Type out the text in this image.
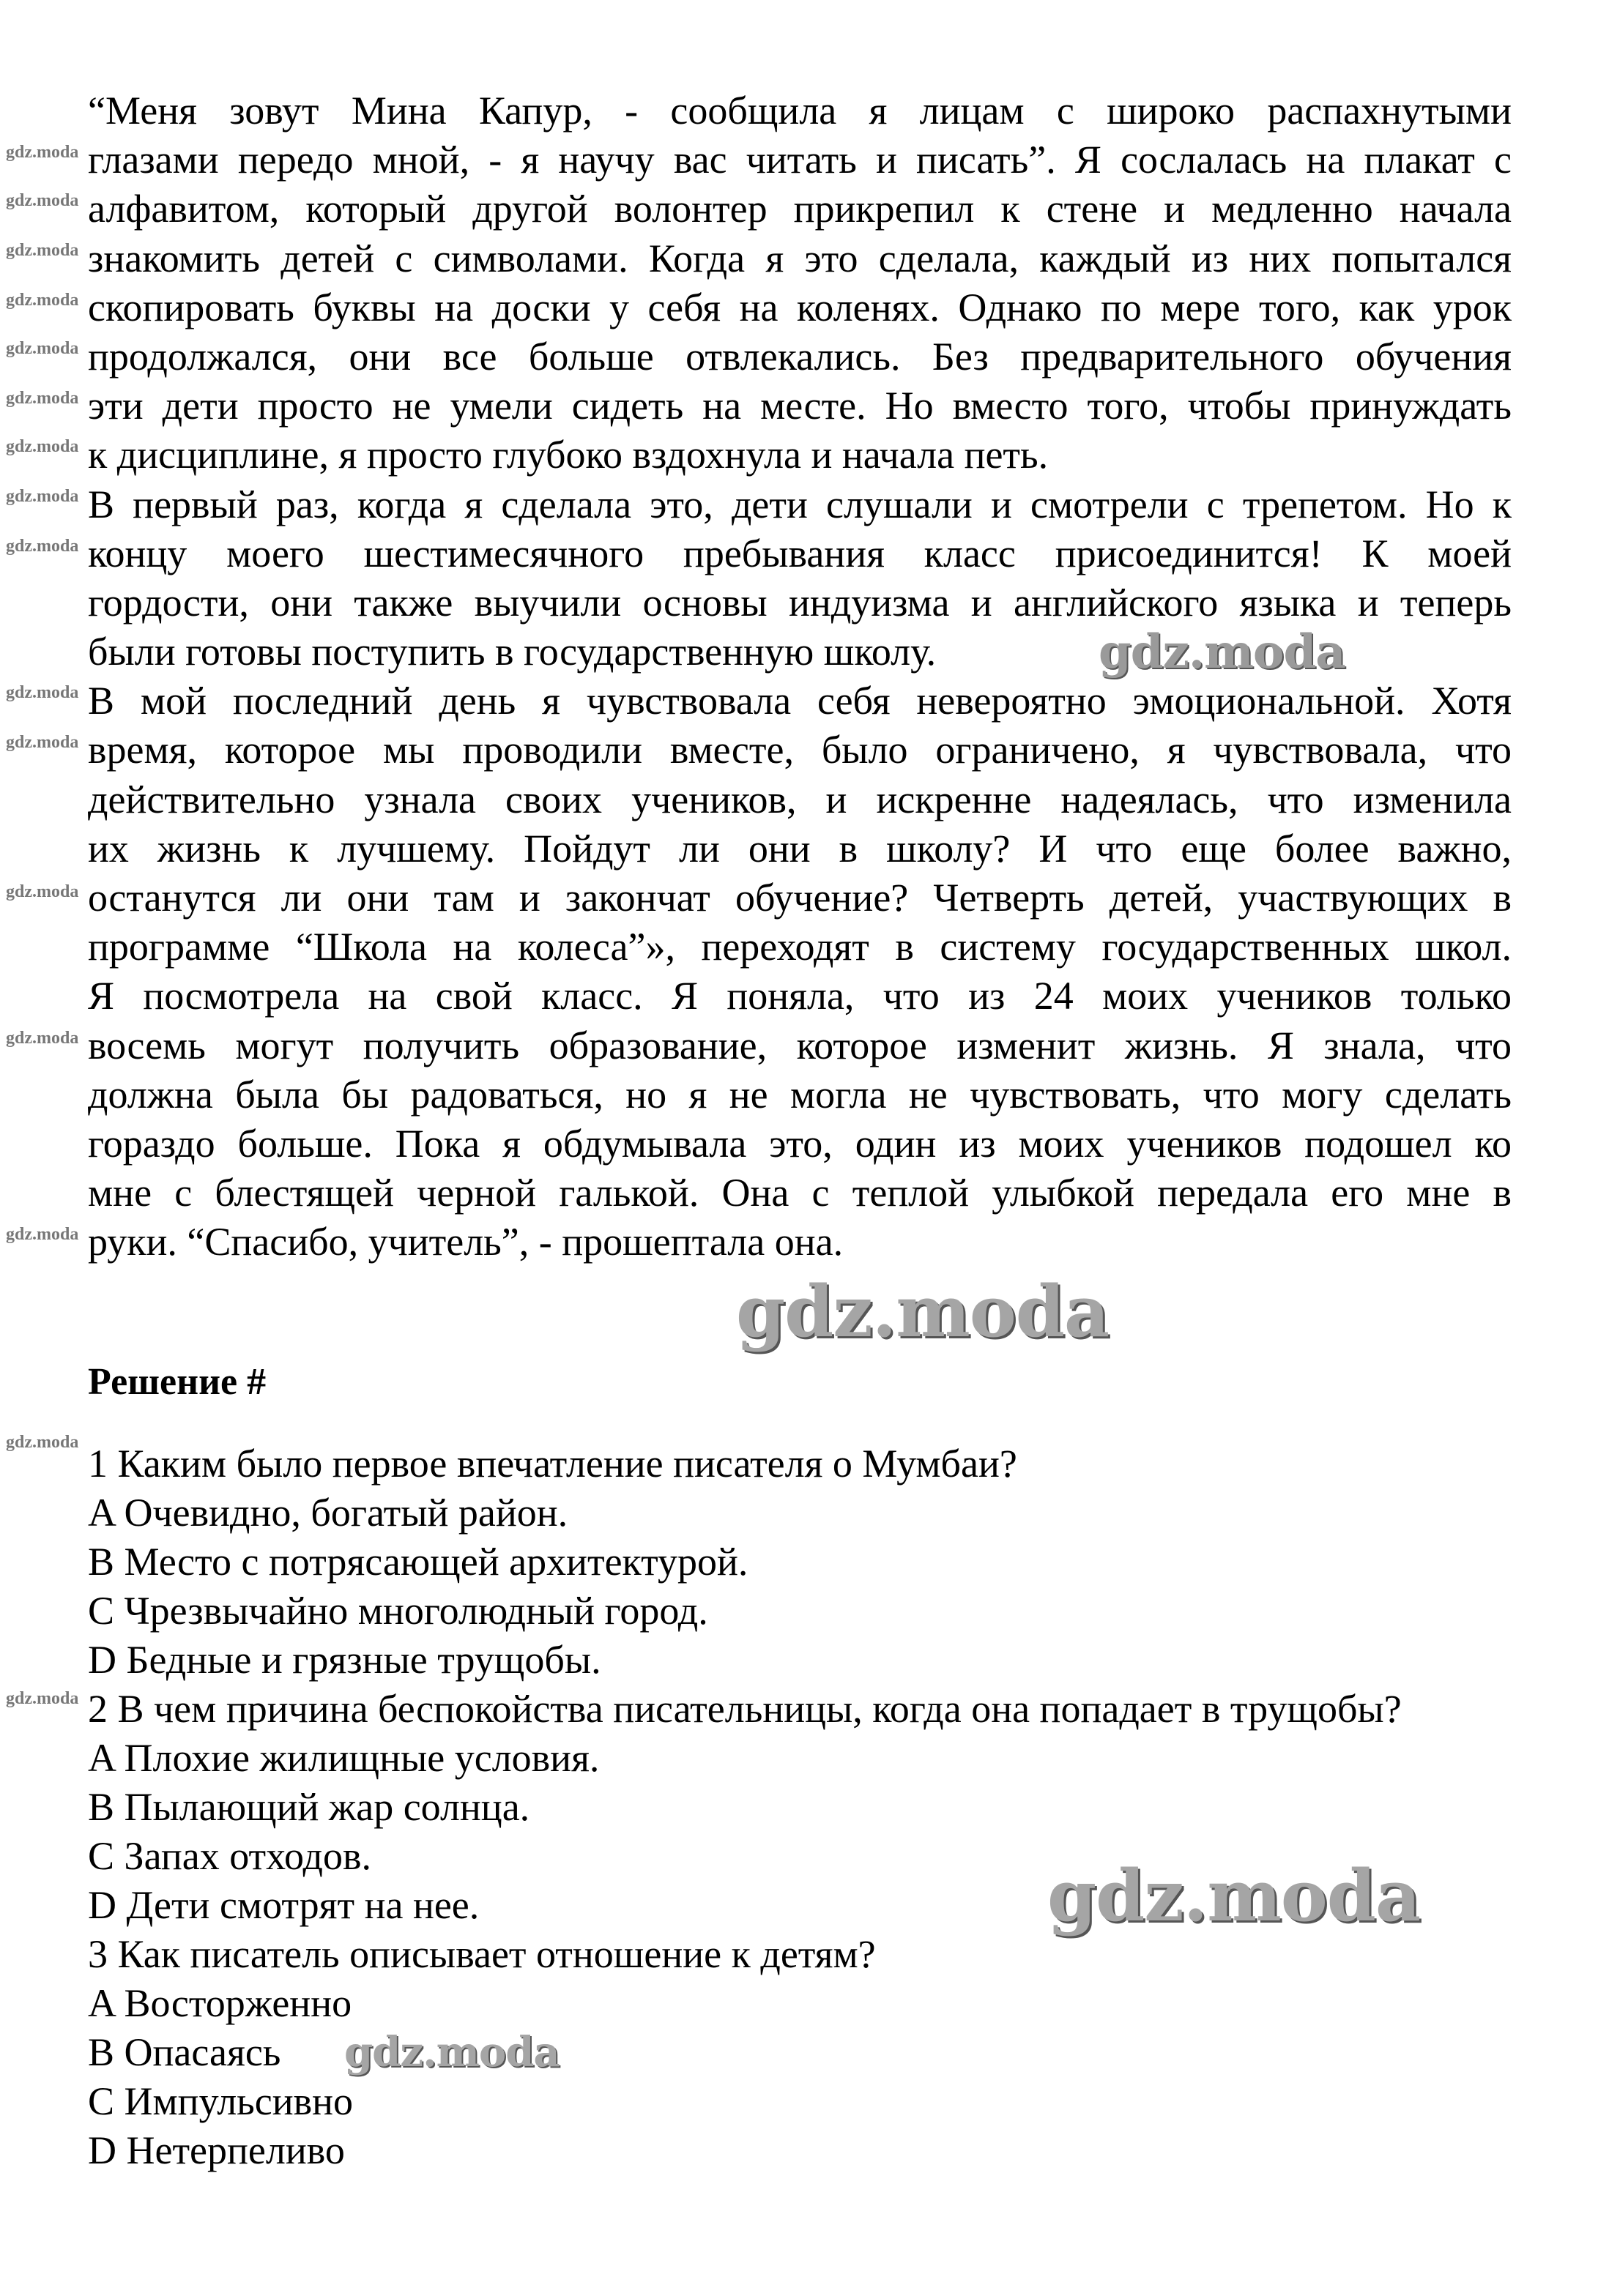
“Меня зовут Мина Капур, - сообщила я лицам с широко распахнутыми
глазами передо мной, - я научу вас читать и писать”. Я сослалась на плакат с
алфавитом, который другой волонтер прикрепил к стене и медленно начала
знакомить детей с символами. Когда я это сделала, каждый из них попытался
скопировать буквы на доски у себя на коленях. Однако по мере того, как урок
продолжался, они все больше отвлекались. Без предварительного обучения
эти дети просто не умели сидеть на месте. Но вместо того, чтобы принуждать
к дисциплине, я просто глубоко вздохнула и начала петь.
В первый раз, когда я сделала это, дети слушали и смотрели с трепетом. Но к
концу моего шестимесячного пребывания класс присоединится! К моей
гордости, они также выучили основы индуизма и английского языка и теперь
были готовы поступить в государственную школу.
В мой последний день я чувствовала себя невероятно эмоциональной. Хотя
время, которое мы проводили вместе, было ограничено, я чувствовала, что
действительно узнала своих учеников, и искренне надеялась, что изменила
их жизнь к лучшему. Пойдут ли они в школу? И что еще более важно,
останутся ли они там и закончат обучение? Четверть детей, участвующих в
программе “Школа на колеса”», переходят в систему государственных школ.
Я посмотрела на свой класс. Я поняла, что из 24 моих учеников только
восемь могут получить образование, которое изменит жизнь. Я знала, что
должна была бы радоваться, но я не могла не чувствовать, что могу сделать
гораздо больше. Пока я обдумывала это, один из моих учеников подошел ко
мне с блестящей черной галькой. Она с теплой улыбкой передала его мне в
руки. “Спасибо, учитель”, - прошептала она.
Решение #
1 Каким было первое впечатление писателя о Мумбаи?
A Очевидно, богатый район.
B Место с потрясающей архитектурой.
C Чрезвычайно многолюдный город.
D Бедные и грязные трущобы.
2 В чем причина беспокойства писательницы, когда она попадает в трущобы?
A Плохие жилищные условия.
B Пылающий жар солнца.
C Запах отходов.
D Дети смотрят на нее.
3 Как писатель описывает отношение к детям?
A Восторженно
B Опасаясь
C Импульсивно
D Нетерпеливо
gdz.moda
gdz.moda
gdz.moda
gdz.moda
gdz.moda
gdz.moda
gdz.moda
gdz.moda
gdz.moda
gdz.moda
gdz.moda
gdz.moda
gdz.moda
gdz.moda
gdz.moda
gdz.moda
gdz.moda
gdz.moda
gdz.moda
gdz.moda
